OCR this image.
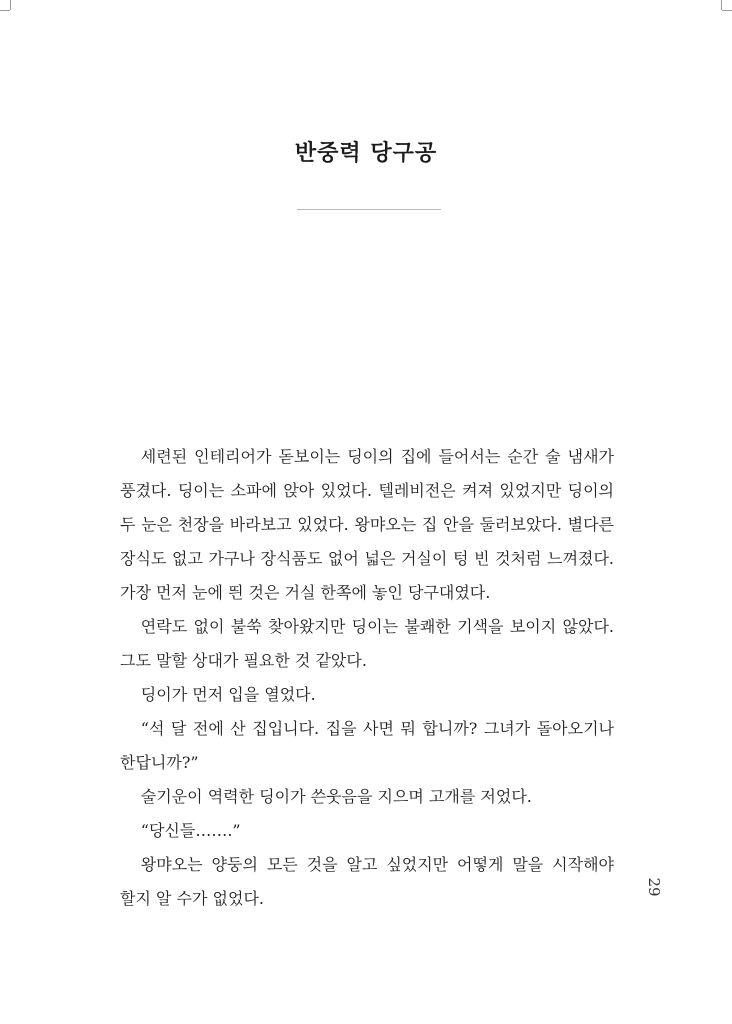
반중력 당구공

세련된 인테리어가 돋보이는 딩이의 집에 들어서는 순간 술 냄새가 풍겼다. 딩이는 소파에 앉아 있었다. 텔레비전은 켜져 있었지만 딩이의 두 눈은 천장을 바라보고 있었다. 왕먀오는 집 안을 둘러보았다. 별다른 장식도 없고 가구나 장식품도 없어 넓은 거실이 텅 빈 것처럼 느껴졌다. 가장 먼저 눈에 띈 것은 거실 한쪽에 놓인 당구대였다.

연락도 없이 불쑥 찾아왔지만 딩이는 불쾌한 기색을 보이지 않았다. 그도 말할 상대가 필요한 것 같았다.

딩이가 먼저 입을 열었다.

“석 달 전에 산 집입니다. 집을 사면 뭐 합니까? 그녀가 돌아오기나 한답니까?”

술기운이 역력한 딩이가 쓴웃음을 지으며 고개를 저었다.

“당신들…….”

왕먀오는 양둥의 모든 것을 알고 싶었지만 어떻게 말을 시작해야 할지 알 수가 없었다.

29
